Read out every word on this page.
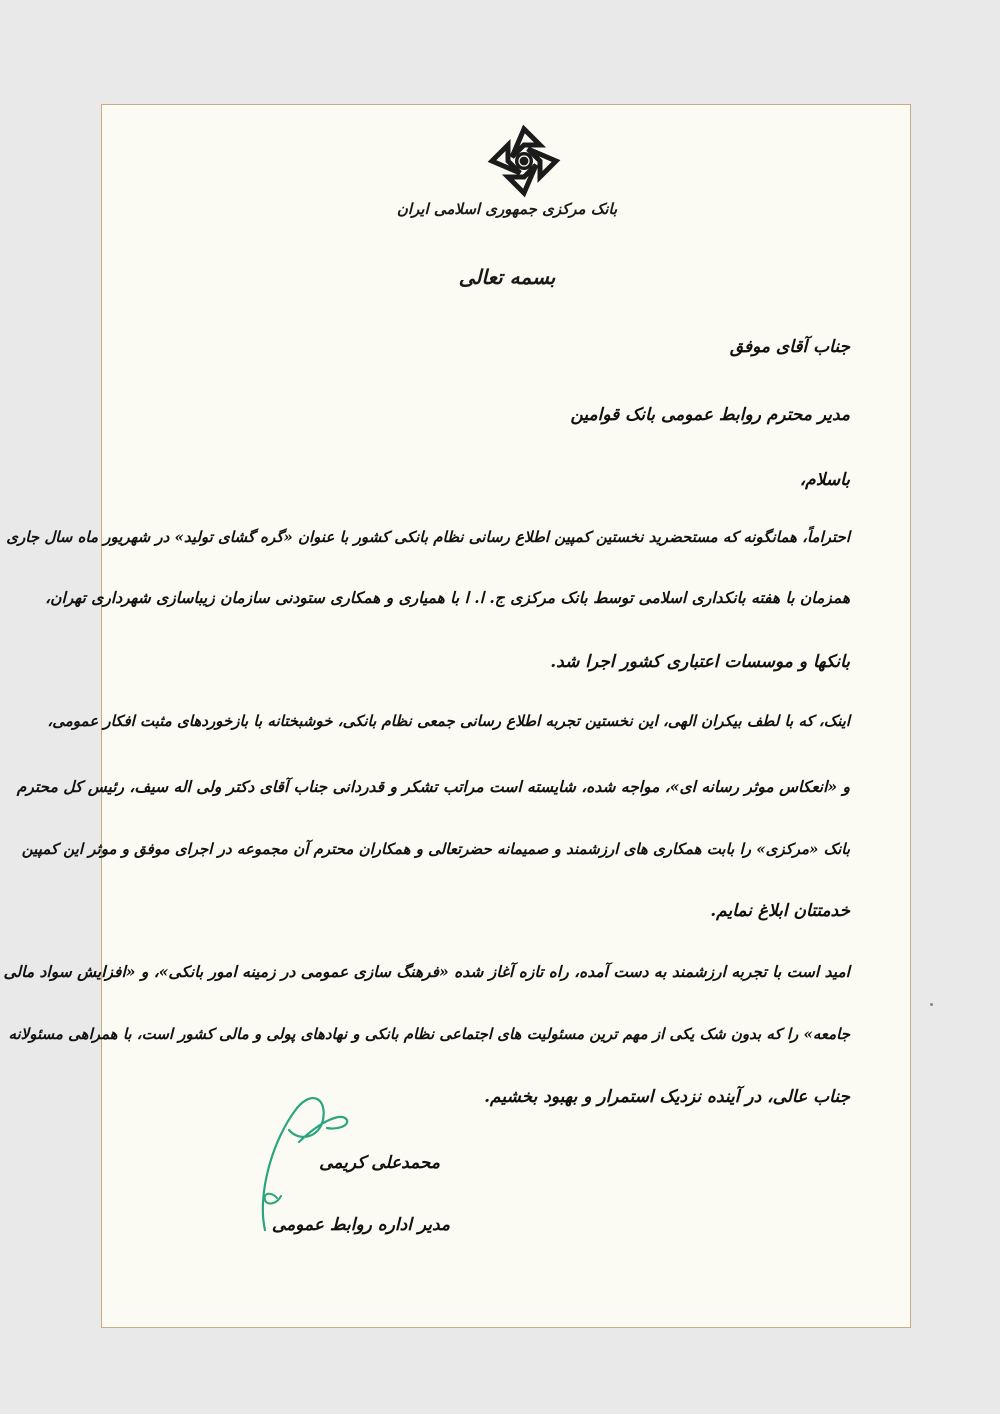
بانک مرکزی جمهوری اسلامی ایران

بسمه تعالی

جناب آقای موفق

مدیر محترم روابط عمومی بانک قوامین

باسلام،

احتراماً، همانگونه که مستحضرید نخستین کمپین اطلاع رسانی نظام بانکی کشور با عنوان «گره گشای تولید» در شهریور ماه سال جاری

همزمان با هفته بانکداری اسلامی توسط بانک مرکزی ج. ا. ا با همیاری و همکاری ستودنی سازمان زیباسازی شهرداری تهران،

بانکها و موسسات اعتباری کشور اجرا شد.

اینک، که با لطف بیکران الهی، این نخستین تجربه اطلاع رسانی جمعی نظام بانکی، خوشبختانه با بازخوردهای مثبت افکار عمومی،

و «انعکاس موثر رسانه ای»، مواجه شده، شایسته است مراتب تشکر و قدردانی جناب آقای دکتر ولی اله سیف، رئیس کل محترم

بانک «مرکزی» را بابت همکاری های ارزشمند و صمیمانه حضرتعالی و همکاران محترم آن مجموعه در اجرای موفق و موثر این کمپین

خدمتتان ابلاغ نمایم.

امید است با تجربه ارزشمند به دست آمده، راه تازه آغاز شده «فرهنگ سازی عمومی در زمینه امور بانکی»، و «افزایش سواد مالی

جامعه» را که بدون شک یکی از مهم ترین مسئولیت های اجتماعی نظام بانکی و نهادهای پولی و مالی کشور است، با همراهی مسئولانه

جناب عالی، در آینده نزدیک استمرار و بهبود بخشیم.

محمدعلی کریمی

مدیر اداره روابط عمومی
